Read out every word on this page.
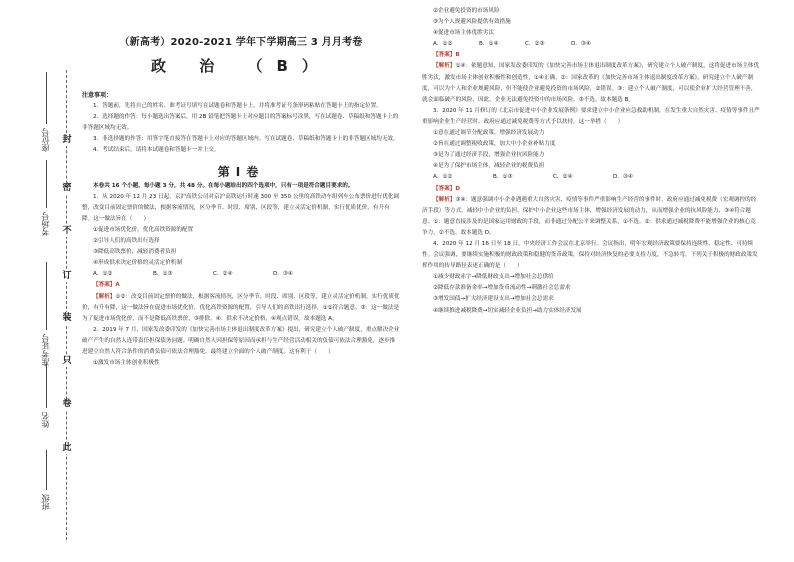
封
密
不
订
装
只
卷
此
座位号
考场号
准考证号
姓名
班级
（新高考）2020-2021 学年下学期高三 3 月月考卷
政 治 （B）
注意事项：

1．答题前，先将自己的姓名、准考证号填写在试题卷和答题卡上，并将准考证号条形码粘贴在答题卡上的指定位置。

2．选择题的作答：每小题选出答案后，用 2B 铅笔把答题卡上对应题目的答案标号涂黑，写在试题卷、草稿纸和答题卡上的非答题区域均无效。

3．非选择题的作答：用签字笔直接答在答题卡上对应的答题区域内。写在试题卷、草稿纸和答题卡上的非答题区域均无效。

4．考试结束后，请将本试题卷和答题卡一并上交。

第Ⅰ卷

本卷共 16 个小题，每小题 3 分，共 48 分。在每小题给出的四个选项中，只有一项是符合题目要求的。

1．从 2020 年 12 月 23 日起，京沪高铁公司对京沪高铁运行时速 300 至 350 公里的高铁动车组列车公布票价进行优化调整，改变目前固定票价的做法，根据客流情况，区分季节、时段、席别、区段等，建立灵活定价机制，实行优质优价，有升有降。这一做法旨在（　　）

①促进市场优化价，优化高铁资源的配置
②引导人们的高铁出行选择
③降低高铁票价，减轻消费者负担
④形成供求决定价格的灵活定价机制
A．①②	B．①③	C．②④	D．③④
【答案】A

【解析】①②：改变目前固定票价的做法，根据客流情况，区分季节、时段、席别、区段等，建立灵活定价机制，实行优质优价，有升有降，这一做法旨在促进市场优化价，优化高铁资源的配置，引导人们的高铁出行选择，①②符合题意。③：这一做法是为了促进市场优化价，而不是降低高铁票价，③排除。④：供求不决定价格，④观点错误。故本题选 A。

2．2019 年 7 月，国家发改委印发的《加快完善市场主体退出制度改革方案》提出，研究建立个人破产制度，重点解决企业破产产生的自然人连带责任担保债务问题。明确自然人因担保等原因而承担与生产经营活动相关的负债可依法合理豁免，逐步推进建立自然人符合条件的消费负债可依法合理豁免，最终建立全面的个人破产制度。这有利于（　　）

①激发市场主体创业积极性
②企业避免投资的市场风险
③为个人规避风险提供有效措施
④促进市场主体优胜劣汰
A．①②	B．①④	C．②③	D．③④
【答案】B

【解析】①④：依题意知，国家发改委印发的《加快完善市场主体退出制度改革方案》，研究建立个人破产制度，这将促进市场主体优胜劣汰，激发市场主体创业积极性和创造性，①④正确。②：国家改革的《加快完善市场主体退出制度改革方案》，研究建立个人破产制度，可以为个人和企业规避风险，但不能使企业避免投资的市场风险，②错误。③：建立个人破产制度，可以使企业扩大经营管理不善，就会面临破产的风险，因此，企业无法避免投资中的市场风险，③不选。故本题选 B。

3．2020 年 11 月修订的《北京市促进中小企业发展条例》要求建立中小企业应急救助机制，在发生重大自然灾害、疫情等事件且严重影响企业生产经营时，政府应通过减免税费等方式予以扶持。这一举措（　　）

①意在通过调节分配政策，增强经济发展动力
②旨在通过调整税收政策，加大中小企业补贴力度
③是为了通过经济手段，增强企业抗风险能力
④是为了保护市场主体，减轻企业的税费负担
A．①②	B．①③	C．②④	D．③④
【答案】D

【解析】③④：题意强调中小企业遇遇重大自然灾害、疫情等事件严重影响生产经营的事件时，政府应通过减免税费（宏观调控的经济手段）等方式，减轻中小企业的负担，保护中小企业这些市场主体，增强经济发展的动力，从而增强企业的抗风险能力，③④符合题意。①：题意直接涉及的是国家运用财政的手段，而非通过分配公平来调整关系，①不选。②：供求通过减税降费不能增强企业的核心竞争力，②不选。故本题选 D。

4．2020 年 12 月 16 日至 18 日，中央经济工作会议在北京举行。会议指出，明年宏观经济政策要保持连续性、稳定性、可持续性。会议强调，要继续实施积极的财政政策和稳健的货币政策，保持对经济恢复的必要支持力度，不急转弯。下列关于积极的财政政策发挥作用的传导路径表述正确的是（　　）

①减少财政赤字→降低财政支出→增加社会总供给
②降低存款准备金率→增加货币流动性→刺激社会总需求
③增发国债→扩大经济建设支出→增加社会总需求
④继续推进减税降费→切实减轻企业负担→助力实体经济发展
